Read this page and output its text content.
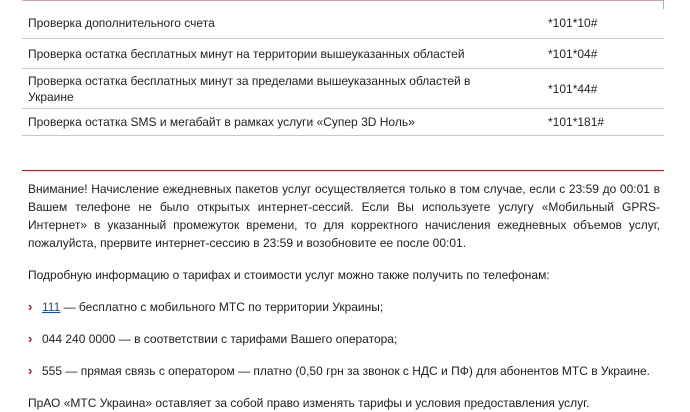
Проверка дополнительного счета	*101*10#
Проверка остатка бесплатных минут на территории вышеуказанных областей	*101*04#
Проверка остатка бесплатных минут за пределами вышеуказанных областей в Украине	*101*44#
Проверка остатка SMS и мегабайт в рамках услуги «Супер 3D Ноль»	*101*181#

Внимание! Начисление ежедневных пакетов услуг осуществляется только в том случае, если с 23:59 до 00:01 в Вашем телефоне не было открытых интернет-сессий. Если Вы используете услугу «Мобильный GPRS-Интернет» в указанный промежуток времени, то для корректного начисления ежедневных объемов услуг, пожалуйста, прервите интернет-сессию в 23:59 и возобновите ее после 00:01.

Подробную информацию о тарифах и стоимости услуг можно также получить по телефонам:

› 111 — бесплатно с мобильного МТС по территории Украины;
› 044 240 0000 — в соответствии с тарифами Вашего оператора;
› 555 — прямая связь с оператором — платно (0,50 грн за звонок с НДС и ПФ) для абонентов МТС в Украине.

ПрАО «МТС Украина» оставляет за собой право изменять тарифы и условия предоставления услуг.
